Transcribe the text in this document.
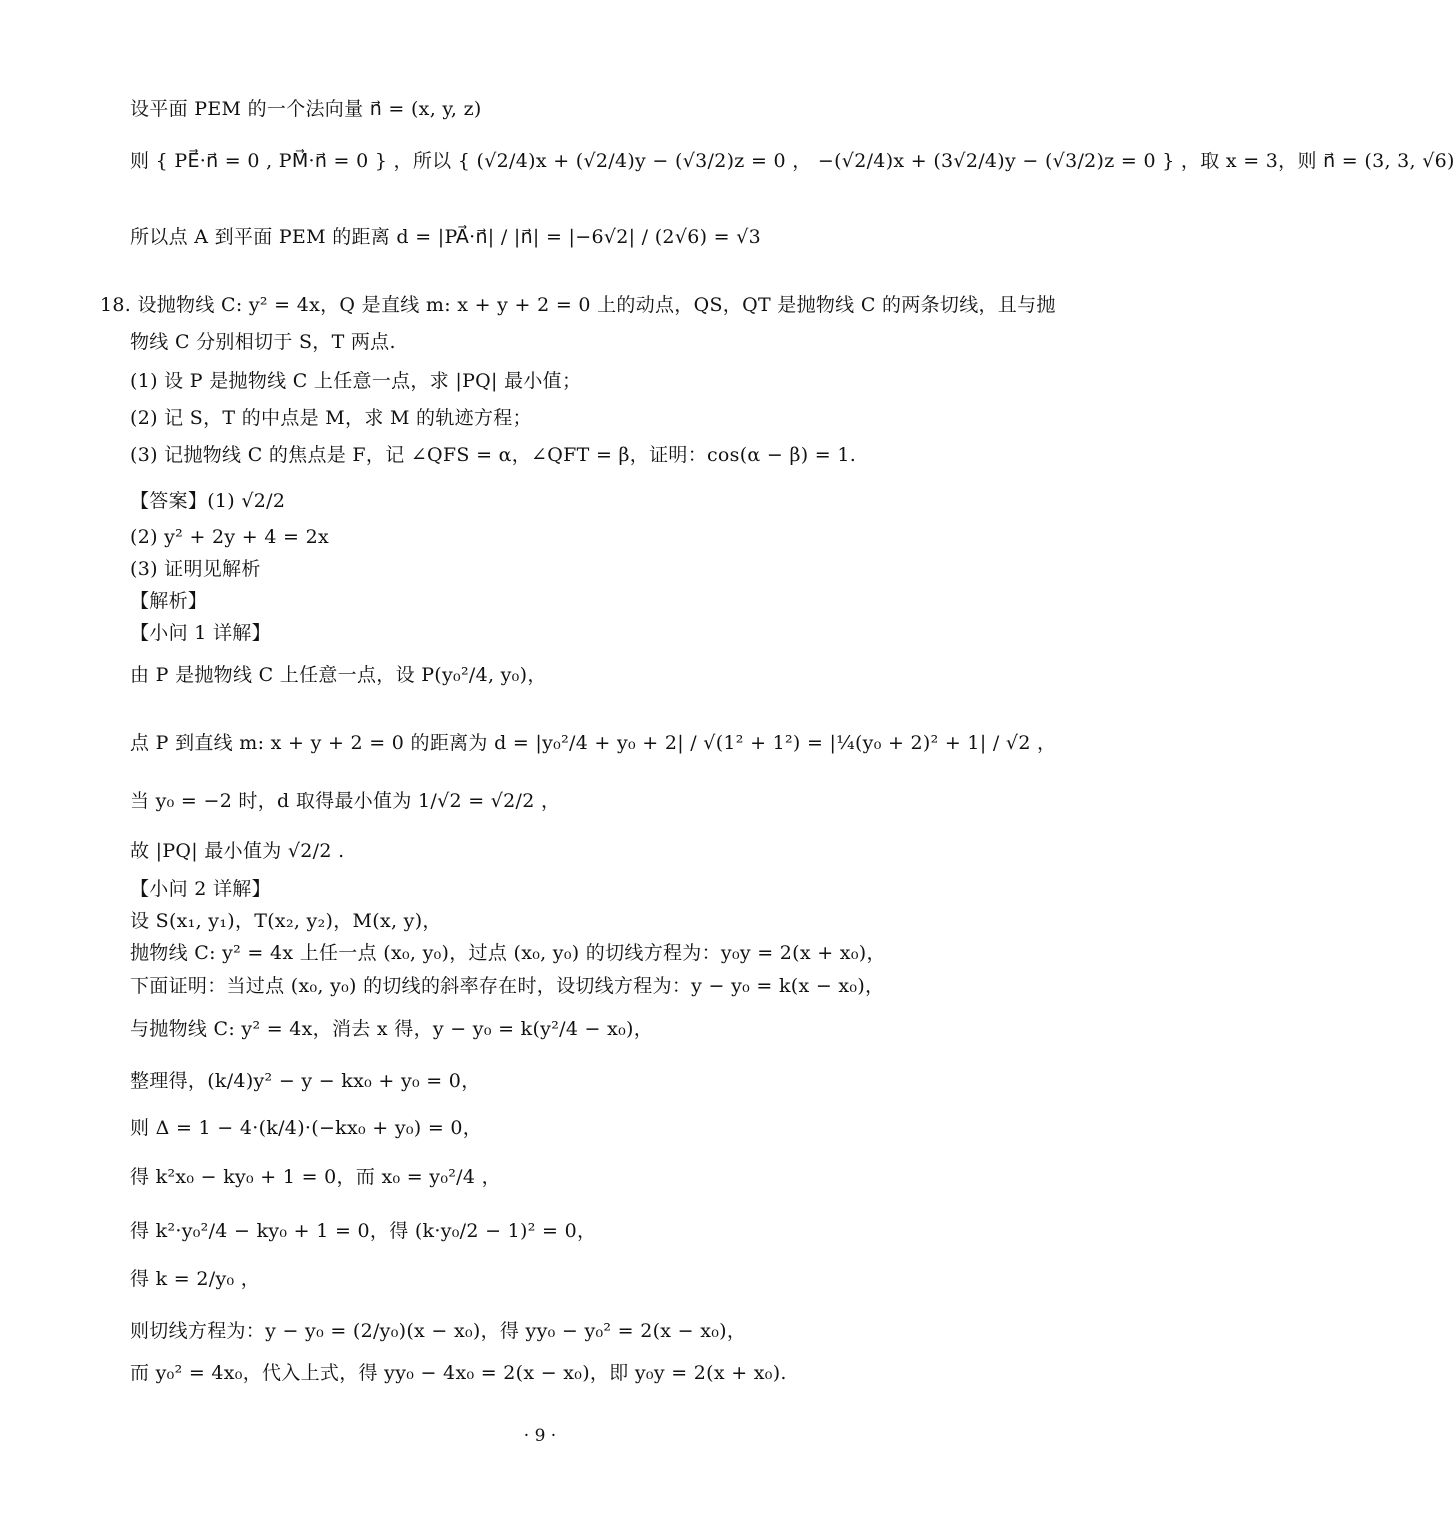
设平面 PEM 的一个法向量 n⃗ = (x, y, z)
则 { PE⃗·n⃗ = 0 , PM⃗·n⃗ = 0 } ，所以 { (√2/4)x + (√2/4)y − (√3/2)z = 0 ， −(√2/4)x + (3√2/4)y − (√3/2)z = 0 } ，取 x = 3，则 n⃗ = (3, 3, √6)
所以点 A 到平面 PEM 的距离 d = |PA⃗·n⃗| / |n⃗| = |−6√2| / (2√6) = √3
18. 设抛物线 C: y² = 4x，Q 是直线 m: x + y + 2 = 0 上的动点，QS，QT 是抛物线 C 的两条切线，且与抛
物线 C 分别相切于 S，T 两点.
(1) 设 P 是抛物线 C 上任意一点，求 |PQ| 最小值；
(2) 记 S，T 的中点是 M，求 M 的轨迹方程；
(3) 记抛物线 C 的焦点是 F，记 ∠QFS = α，∠QFT = β，证明：cos(α − β) = 1.
【答案】(1) √2/2
(2) y² + 2y + 4 = 2x
(3) 证明见解析
【解析】
【小问 1 详解】
由 P 是抛物线 C 上任意一点，设 P(y₀²/4, y₀)，
点 P 到直线 m: x + y + 2 = 0 的距离为 d = |y₀²/4 + y₀ + 2| / √(1² + 1²) = |¼(y₀ + 2)² + 1| / √2 ，
当 y₀ = −2 时，d 取得最小值为 1/√2 = √2/2 ，
故 |PQ| 最小值为 √2/2 .
【小问 2 详解】
设 S(x₁, y₁)，T(x₂, y₂)，M(x, y)，
抛物线 C: y² = 4x 上任一点 (x₀, y₀)，过点 (x₀, y₀) 的切线方程为：y₀y = 2(x + x₀)，
下面证明：当过点 (x₀, y₀) 的切线的斜率存在时，设切线方程为：y − y₀ = k(x − x₀)，
与抛物线 C: y² = 4x，消去 x 得，y − y₀ = k(y²/4 − x₀)，
整理得，(k/4)y² − y − kx₀ + y₀ = 0，
则 Δ = 1 − 4·(k/4)·(−kx₀ + y₀) = 0，
得 k²x₀ − ky₀ + 1 = 0，而 x₀ = y₀²/4 ，
得 k²·y₀²/4 − ky₀ + 1 = 0，得 (k·y₀/2 − 1)² = 0，
得 k = 2/y₀ ，
则切线方程为：y − y₀ = (2/y₀)(x − x₀)，得 yy₀ − y₀² = 2(x − x₀)，
而 y₀² = 4x₀，代入上式，得 yy₀ − 4x₀ = 2(x − x₀)，即 y₀y = 2(x + x₀).
· 9 ·
